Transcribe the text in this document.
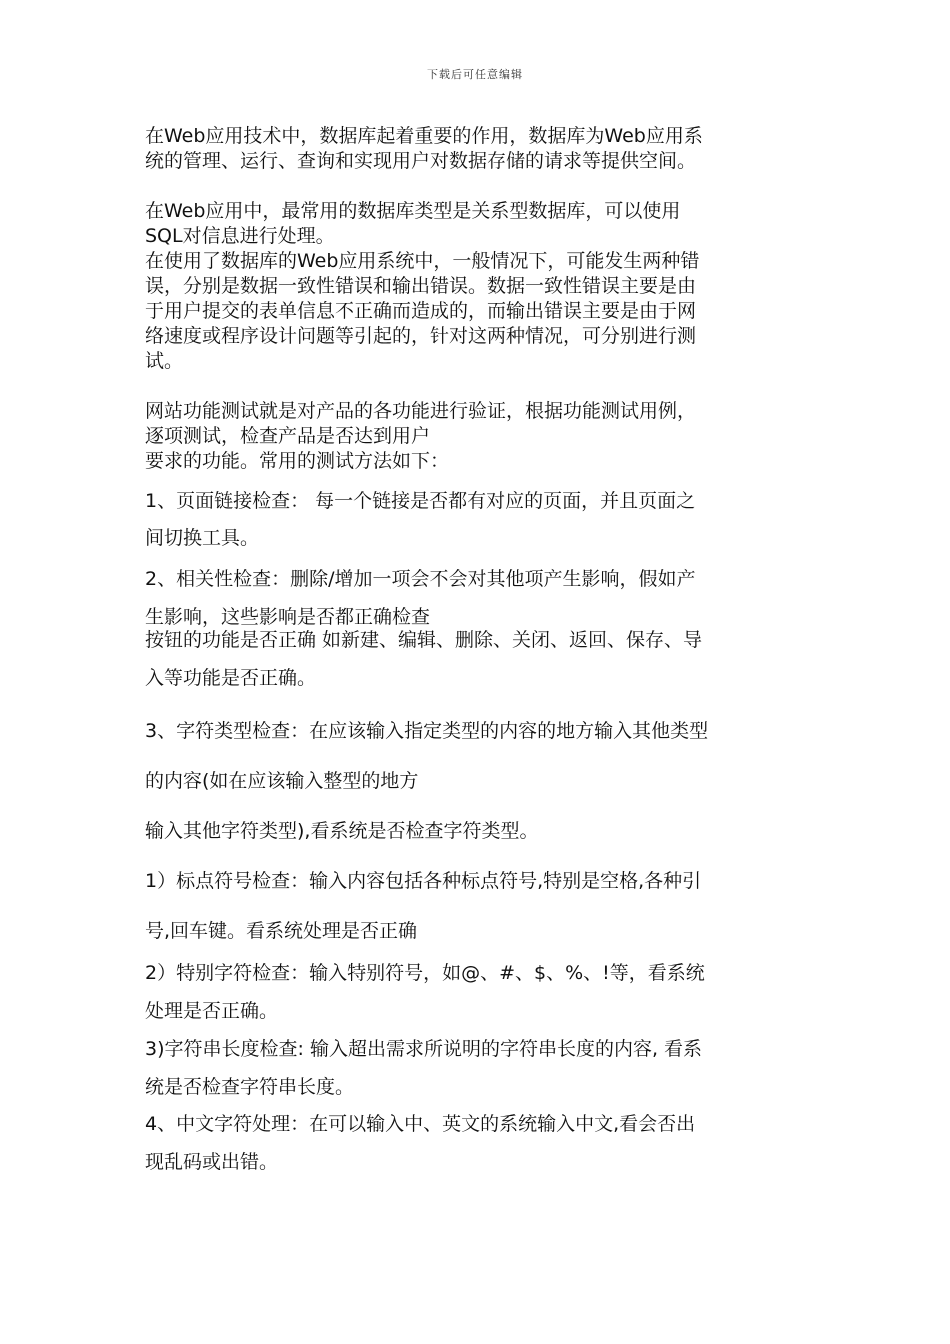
下载后可任意编辑
在Web应用技术中，数据库起着重要的作用，数据库为Web应用系
统的管理、运行、查询和实现用户对数据存储的请求等提供空间。
在Web应用中，最常用的数据库类型是关系型数据库，可以使用
SQL对信息进行处理。
在使用了数据库的Web应用系统中，一般情况下，可能发生两种错
误，分别是数据一致性错误和输出错误。数据一致性错误主要是由
于用户提交的表单信息不正确而造成的，而输出错误主要是由于网
络速度或程序设计问题等引起的，针对这两种情况，可分别进行测
试。
网站功能测试就是对产品的各功能进行验证，根据功能测试用例，
逐项测试，检查产品是否达到用户
要求的功能。常用的测试方法如下：
1、页面链接检查： 每一个链接是否都有对应的页面，并且页面之
间切换工具。
2、相关性检查：删除/增加一项会不会对其他项产生影响，假如产
生影响，这些影响是否都正确检查
按钮的功能是否正确 如新建、编辑、删除、关闭、返回、保存、导
入等功能是否正确。
3、字符类型检查：在应该输入指定类型的内容的地方输入其他类型
的内容(如在应该输入整型的地方
输入其他字符类型),看系统是否检查字符类型。
1）标点符号检查：输入内容包括各种标点符号,特别是空格,各种引
号,回车键。看系统处理是否正确
2）特别字符检查：输入特别符号，如@、#、$、%、!等，看系统
处理是否正确。
3)字符串长度检查: 输入超出需求所说明的字符串长度的内容, 看系
统是否检查字符串长度。
4、中文字符处理：在可以输入中、英文的系统输入中文,看会否出
现乱码或出错。
